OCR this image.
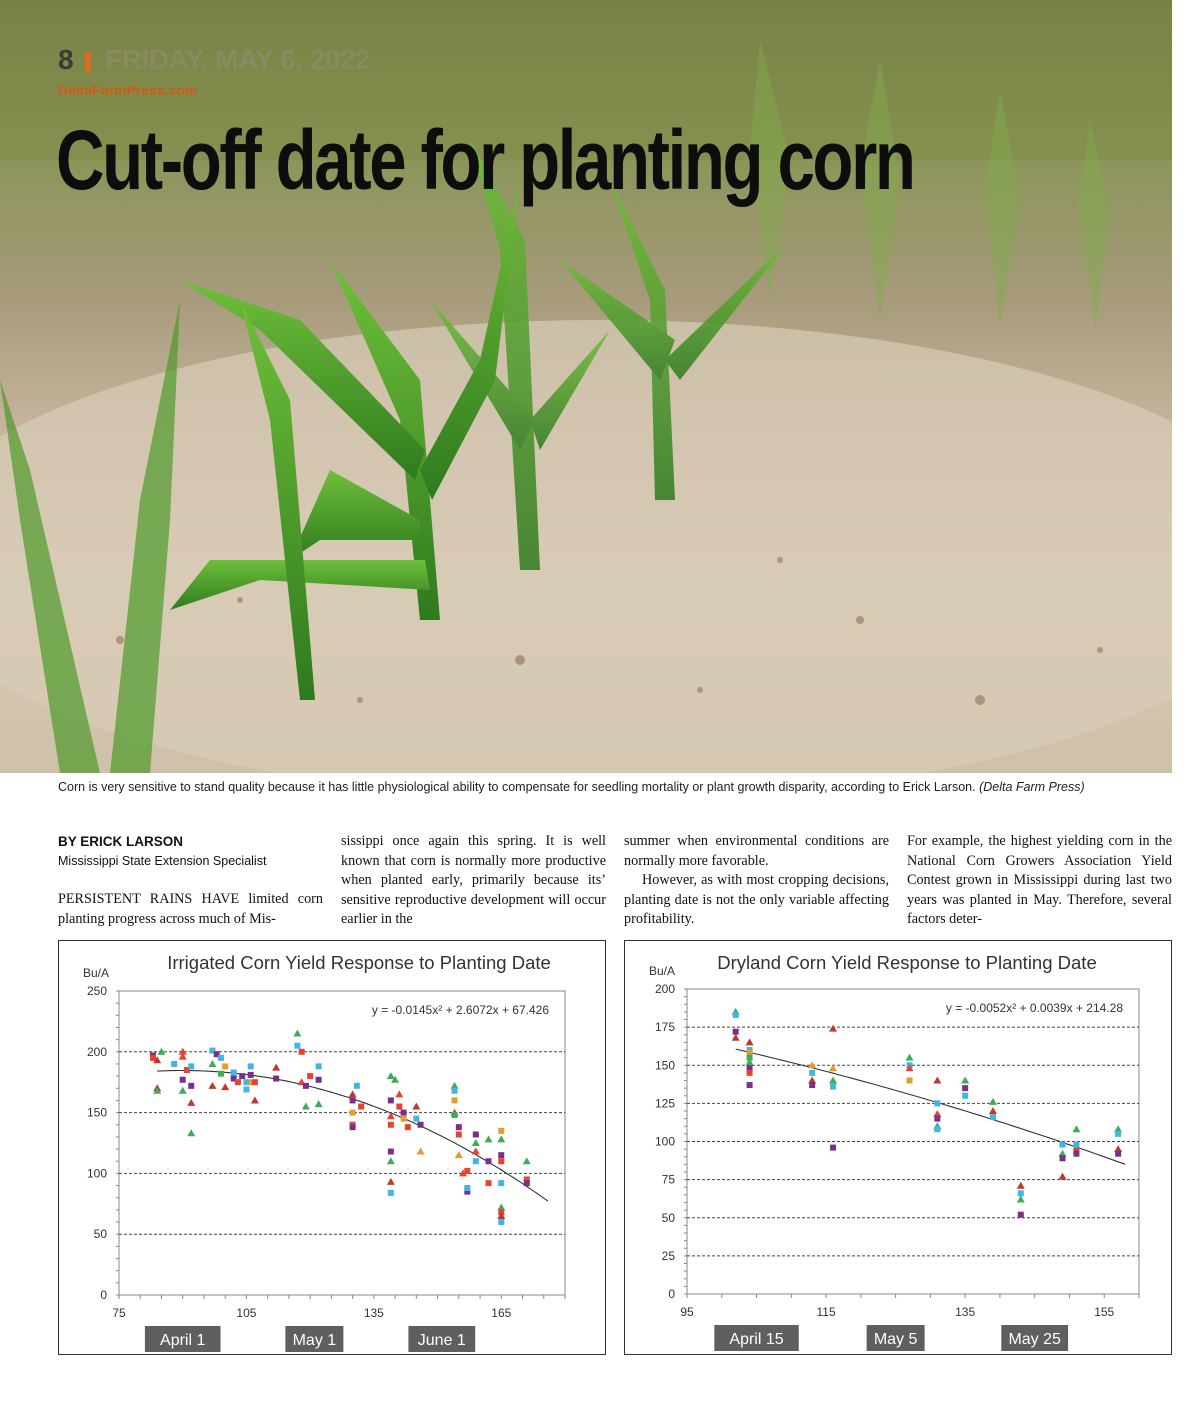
8 FRIDAY, MAY 6, 2022
DeltaFarmPress.com
Cut-off date for planting corn
Corn is very sensitive to stand quality because it has little physiological ability to compensate for seedling mortality or plant growth disparity, according to Erick Larson. (Delta Farm Press)
BY ERICK LARSON
Mississippi State Extension Specialist

PERSISTENT RAINS HAVE limited corn planting progress across much of Mis-

sissippi once again this spring. It is well known that corn is normally more productive when planted early, primarily because its’ sensitive reproductive development will occur earlier in the

summer when environmental conditions are normally more favorable.

However, as with most cropping decisions, planting date is not the only variable affecting profitability.

For example, the highest yielding corn in the National Corn Growers Association Yield Contest grown in Mississippi during last two years was planted in May. Therefore, several factors deter-

Irrigated Corn Yield Response to Planting Date
Bu/A
0
50
100
150
200
250
75	105	135	165
April 1	May 1	June 1
y = -0.0145x² + 2.6072x + 67.426
Dryland Corn Yield Response to Planting Date
Bu/A
0
25
50
75
100
125
150
175
200
95	115	135	155
April 15	May 5	May 25
y = -0.0052x² + 0.0039x + 214.28
